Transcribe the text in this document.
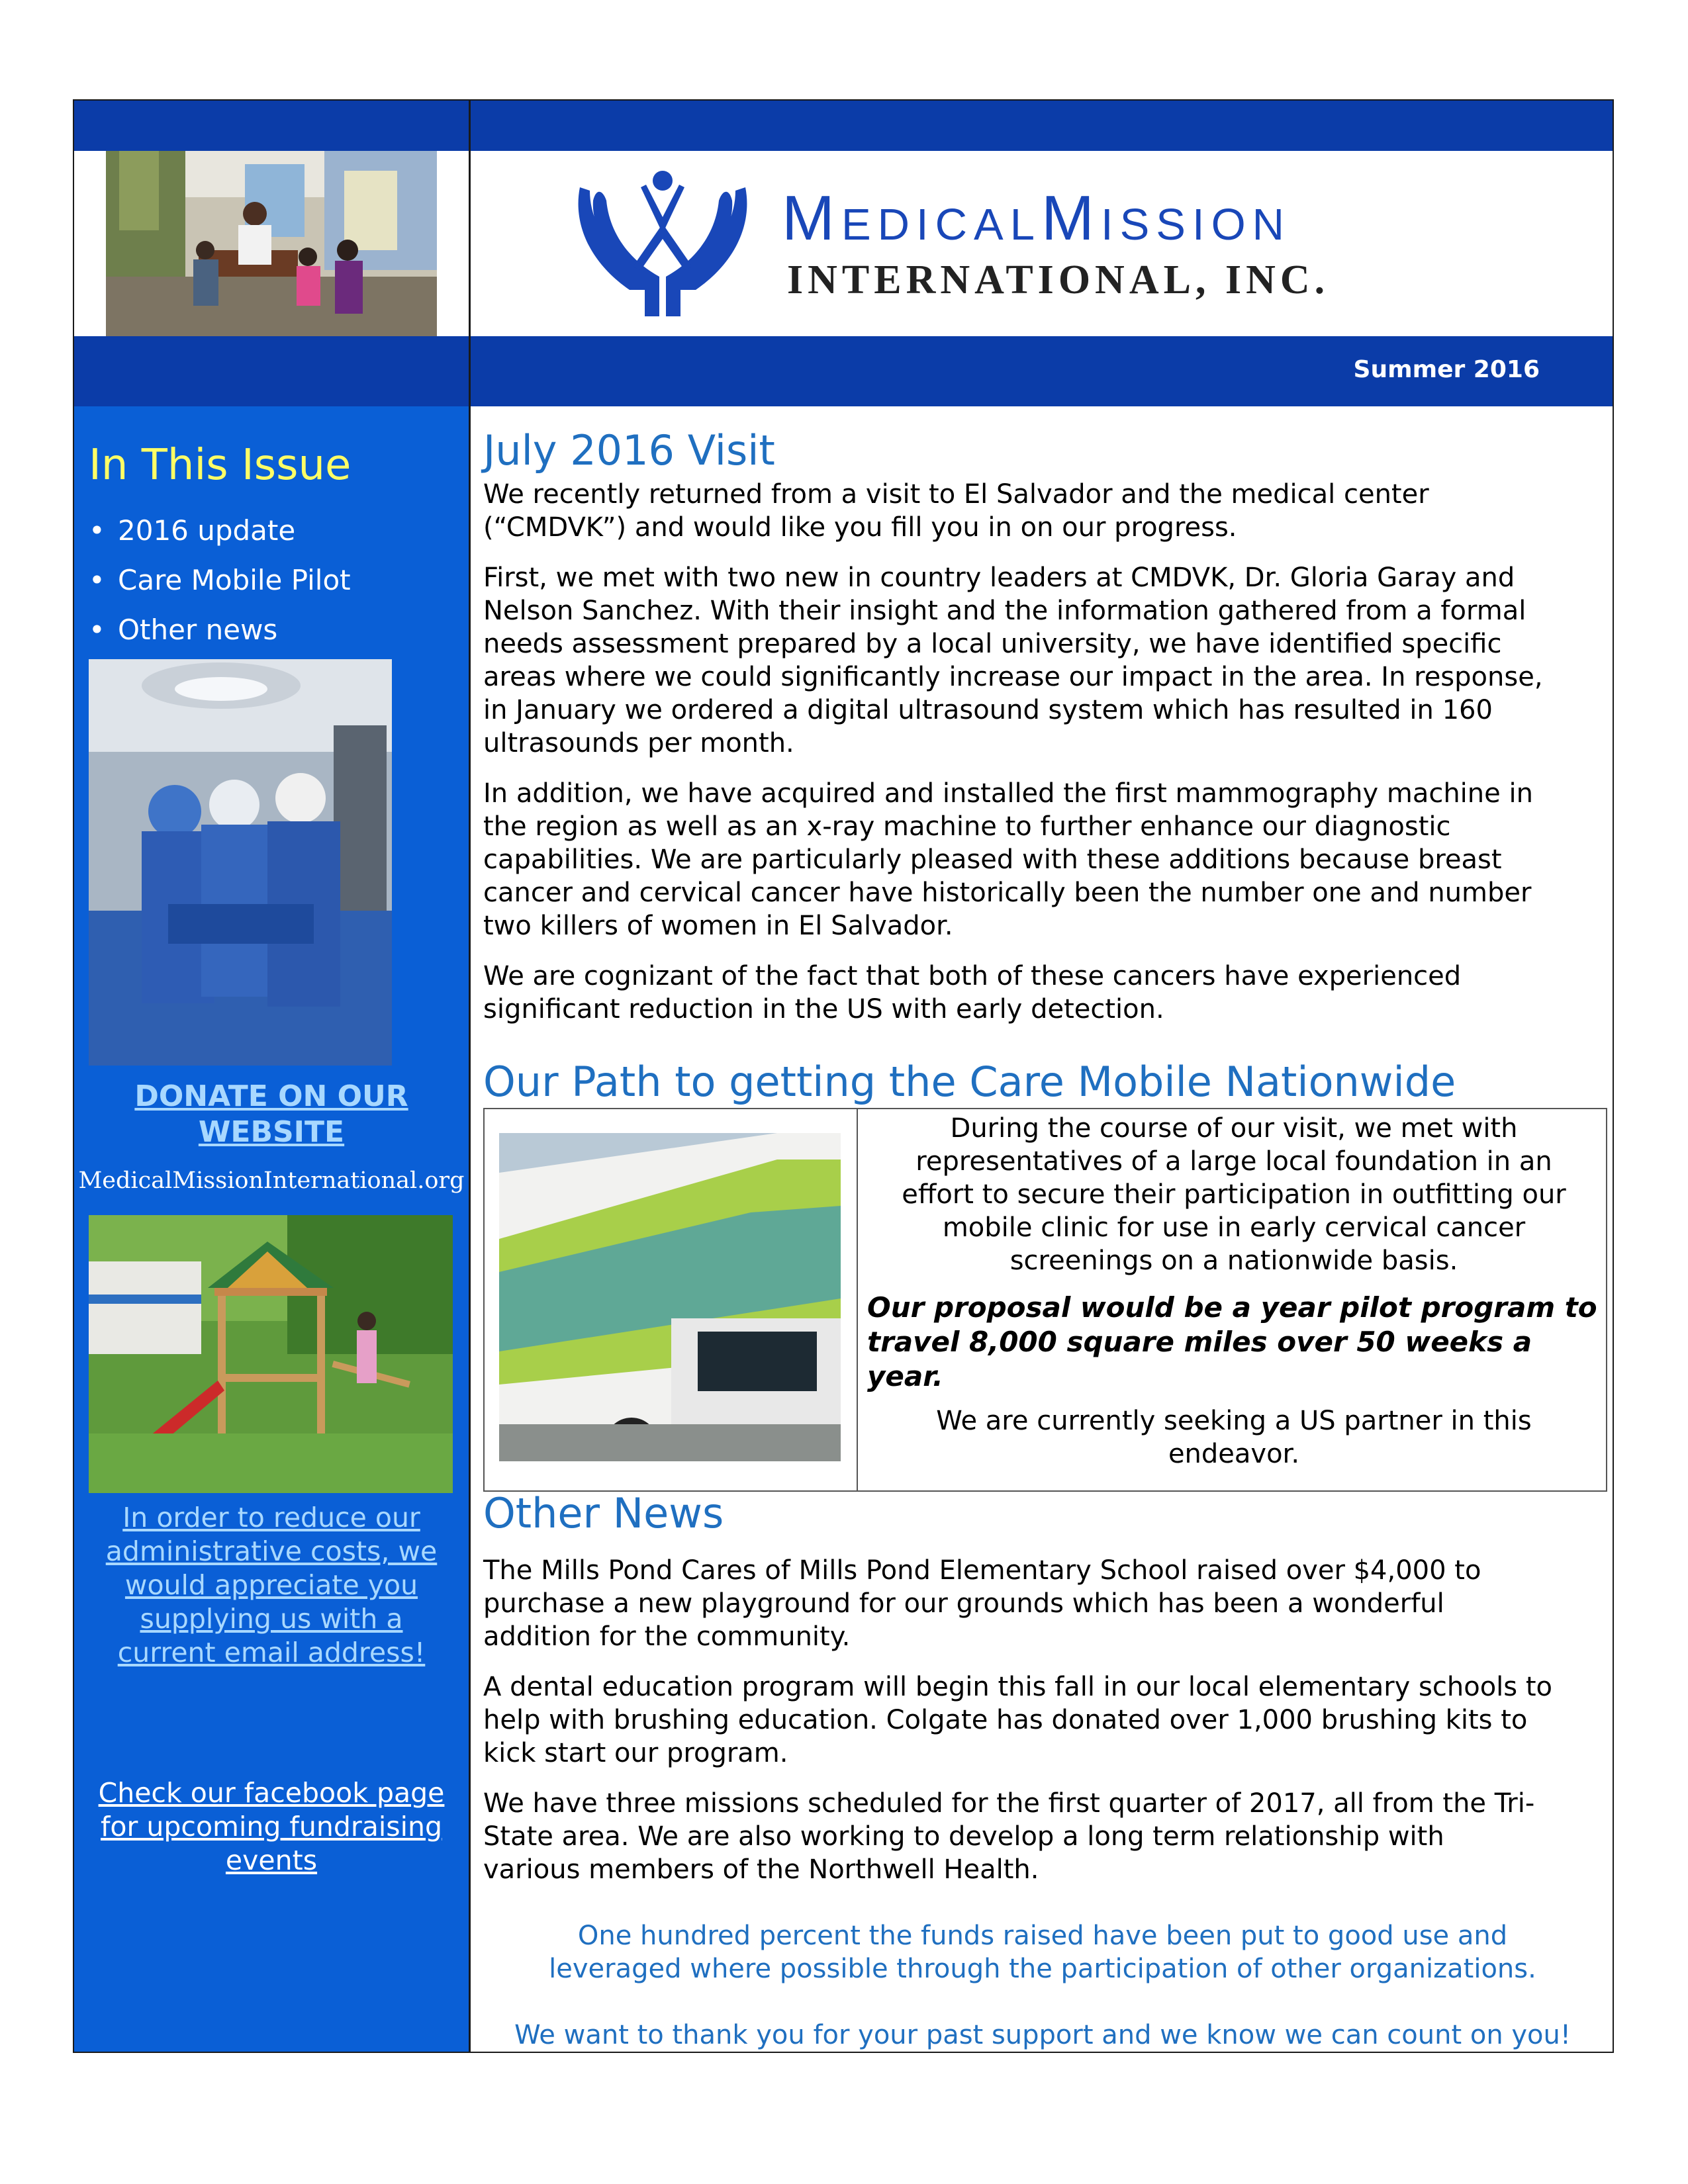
MedicalMission
INTERNATIONAL, INC.
Summer 2016
In This Issue
• 2016 update
• Care Mobile Pilot
• Other news
DONATE ON OUR
WEBSITE
MedicalMissionInternational.org
In order to reduce our
administrative costs, we
would appreciate you
supplying us with a
current email address!
Check our facebook page
for upcoming fundraising
events
July 2016 Visit
We recently returned from a visit to El Salvador and the medical center
(“CMDVK”) and would like you fill you in on our progress.
First, we met with two new in country leaders at CMDVK, Dr. Gloria Garay and
Nelson Sanchez. With their insight and the information gathered from a formal
needs assessment prepared by a local university, we have identified specific
areas where we could significantly increase our impact in the area. In response,
in January we ordered a digital ultrasound system which has resulted in 160
ultrasounds per month.
In addition, we have acquired and installed the first mammography machine in
the region as well as an x-ray machine to further enhance our diagnostic
capabilities. We are particularly pleased with these additions because breast
cancer and cervical cancer have historically been the number one and number
two killers of women in El Salvador.
We are cognizant of the fact that both of these cancers have experienced
significant reduction in the US with early detection.
Our Path to getting the Care Mobile Nationwide

During the course of our visit, we met with

representatives of a large local foundation in an

effort to secure their participation in outfitting our

mobile clinic for use in early cervical cancer

screenings on a nationwide basis.

Our proposal would be a year pilot program to
travel 8,000 square miles over 50 weeks a
year.

We are currently seeking a US partner in this

endeavor.

Other News
The Mills Pond Cares of Mills Pond Elementary School raised over $4,000 to
purchase a new playground for our grounds which has been a wonderful
addition for the community.
A dental education program will begin this fall in our local elementary schools to
help with brushing education. Colgate has donated over 1,000 brushing kits to
kick start our program.
We have three missions scheduled for the first quarter of 2017, all from the Tri-
State area. We are also working to develop a long term relationship with
various members of the Northwell Health.
One hundred percent the funds raised have been put to good use and
leveraged where possible through the participation of other organizations.
We want to thank you for your past support and we know we can count on you!
